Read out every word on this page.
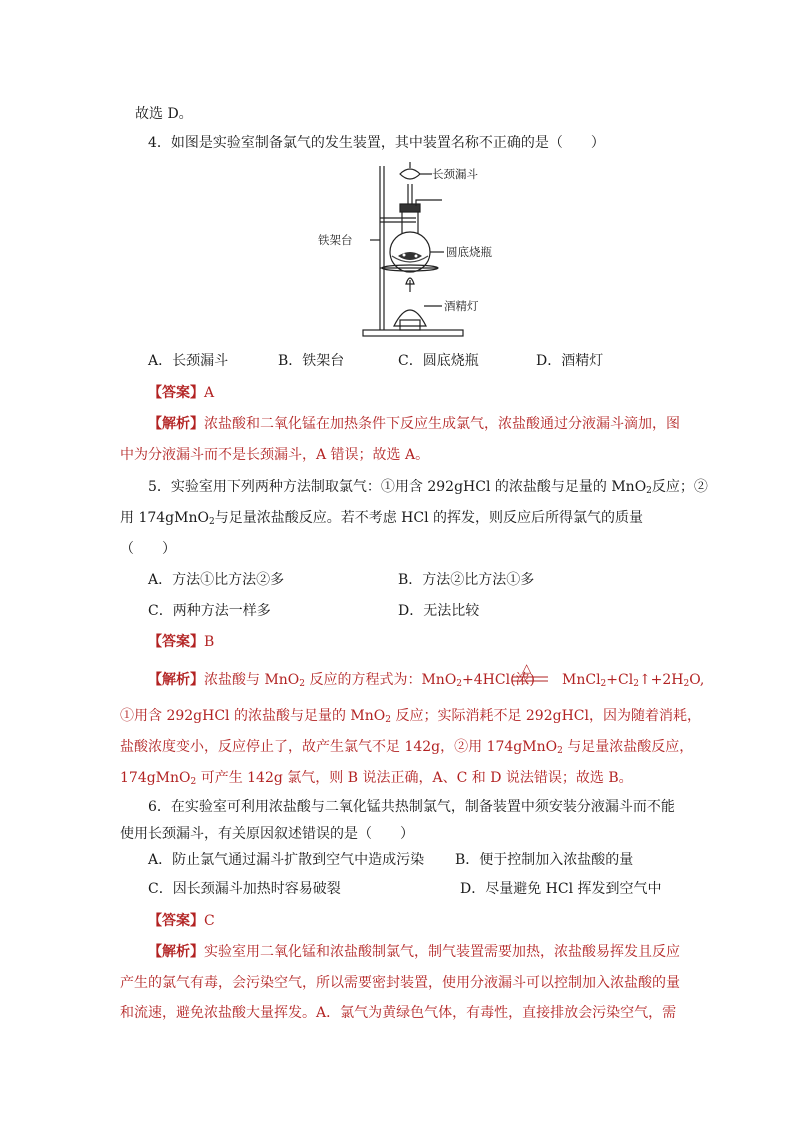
故选 D。
4．如图是实验室制备氯气的发生装置，其中装置名称不正确的是（　　）
长颈漏斗
铁架台
圆底烧瓶
酒精灯
A．长颈漏斗	B．铁架台	C．圆底烧瓶	D．酒精灯
【答案】A
【解析】浓盐酸和二氧化锰在加热条件下反应生成氯气，浓盐酸通过分液漏斗滴加，图
中为分液漏斗而不是长颈漏斗，A 错误；故选 A。
5．实验室用下列两种方法制取氯气：①用含 292gHCl 的浓盐酸与足量的 MnO$_2$反应；②
用 174gMnO$_2$与足量浓盐酸反应。若不考虑 HCl 的挥发，则反应后所得氯气的质量
（　　）
A．方法①比方法②多	B．方法②比方法①多
C．两种方法一样多	D．无法比较
【答案】B
【解析】浓盐酸与 MnO$_2$ 反应的方程式为：MnO$_2$+4HCl(浓)
△
$MnCl_2+Cl_2↑+2H_2O$,
①用含 292gHCl 的浓盐酸与足量的 MnO$_2$ 反应；实际消耗不足 292gHCl，因为随着消耗，
盐酸浓度变小，反应停止了，故产生氯气不足 142g，②用 174gMnO$_2$ 与足量浓盐酸反应，
174gMnO$_2$ 可产生 142g 氯气，则 B 说法正确，A、C 和 D 说法错误；故选 B。
6．在实验室可利用浓盐酸与二氧化锰共热制氯气，制备装置中须安装分液漏斗而不能
使用长颈漏斗，有关原因叙述错误的是（　　）
A．防止氯气通过漏斗扩散到空气中造成污染 B．便于控制加入浓盐酸的量
C．因长颈漏斗加热时容易破裂	D．尽量避免 HCl 挥发到空气中
【答案】C
【解析】实验室用二氧化锰和浓盐酸制氯气，制气装置需要加热，浓盐酸易挥发且反应
产生的氯气有毒，会污染空气，所以需要密封装置，使用分液漏斗可以控制加入浓盐酸的量
和流速，避免浓盐酸大量挥发。A．氯气为黄绿色气体，有毒性，直接排放会污染空气，需
